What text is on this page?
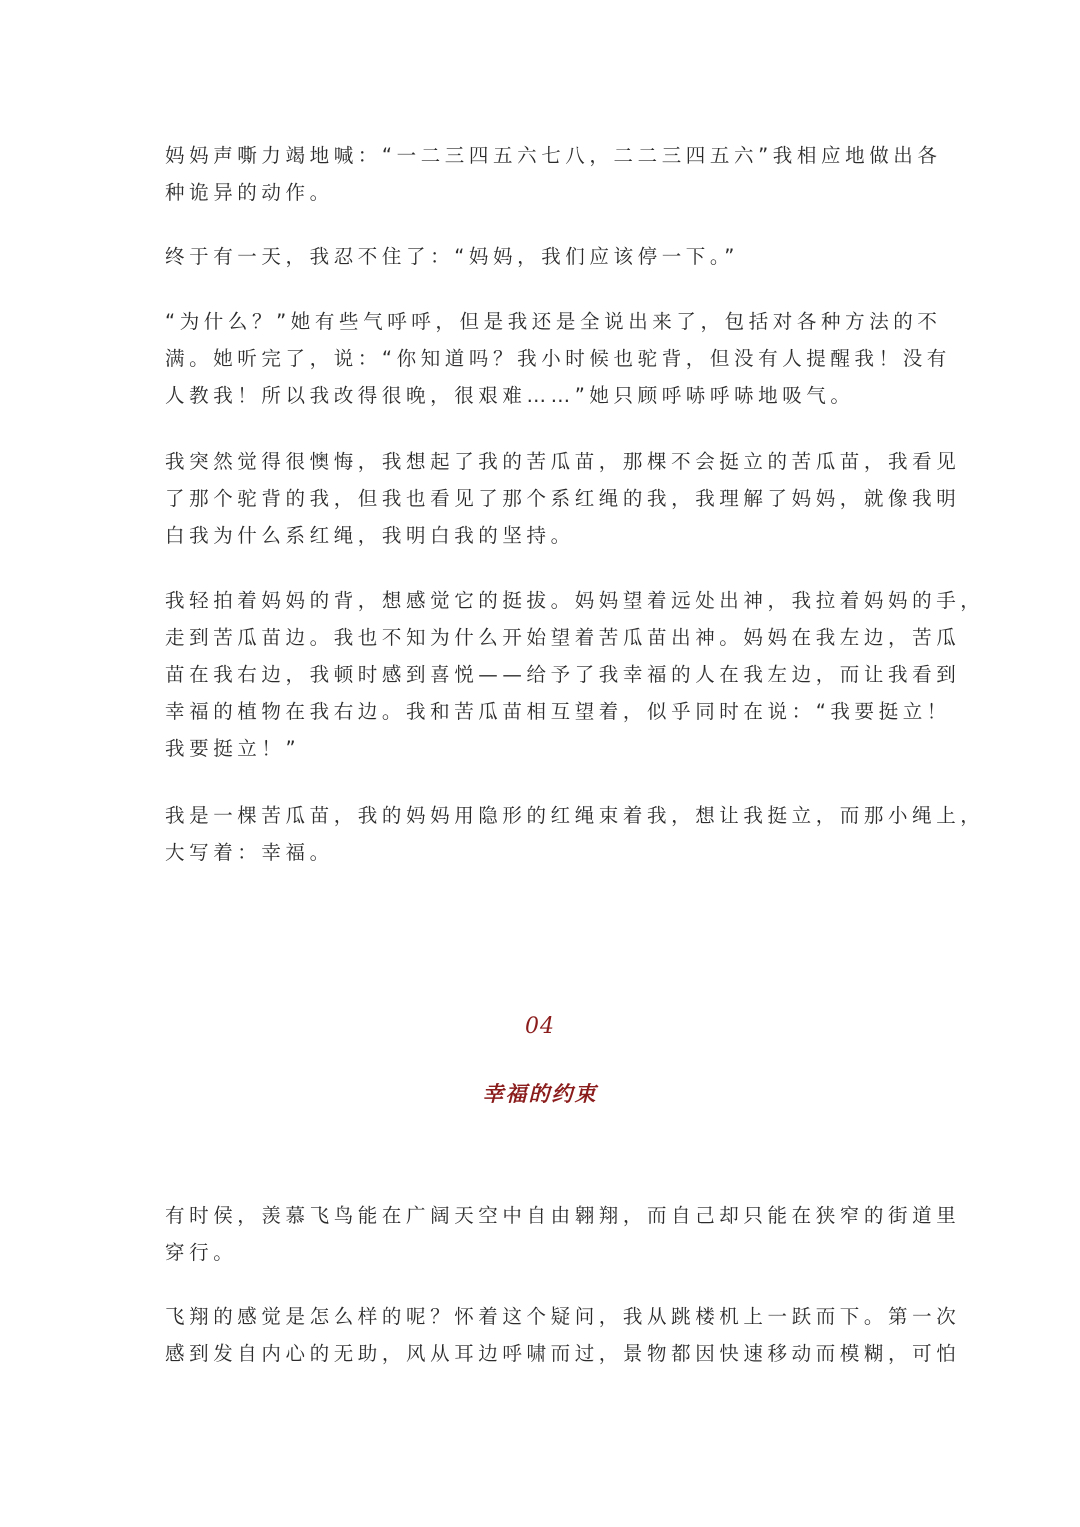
妈妈声嘶力竭地喊：“一二三四五六七八，二二三四五六”我相应地做出各
种诡异的动作。

终于有一天，我忍不住了：“妈妈，我们应该停一下。”

“为什么？”她有些气呼呼，但是我还是全说出来了，包括对各种方法的不
满。她听完了，说：“你知道吗？我小时候也驼背，但没有人提醒我！没有
人教我！所以我改得很晚，很艰难……”她只顾呼哧呼哧地吸气。

我突然觉得很懊悔，我想起了我的苦瓜苗，那棵不会挺立的苦瓜苗，我看见
了那个驼背的我，但我也看见了那个系红绳的我，我理解了妈妈，就像我明
白我为什么系红绳，我明白我的坚持。

我轻拍着妈妈的背，想感觉它的挺拔。妈妈望着远处出神，我拉着妈妈的手，
走到苦瓜苗边。我也不知为什么开始望着苦瓜苗出神。妈妈在我左边，苦瓜
苗在我右边，我顿时感到喜悦——给予了我幸福的人在我左边，而让我看到
幸福的植物在我右边。我和苦瓜苗相互望着，似乎同时在说：“我要挺立！
我要挺立！”

我是一棵苦瓜苗，我的妈妈用隐形的红绳束着我，想让我挺立，而那小绳上，
大写着：幸福。

04
幸福的约束

有时侯，羡慕飞鸟能在广阔天空中自由翱翔，而自己却只能在狭窄的街道里
穿行。

飞翔的感觉是怎么样的呢？怀着这个疑问，我从跳楼机上一跃而下。第一次
感到发自内心的无助，风从耳边呼啸而过，景物都因快速移动而模糊，可怕
